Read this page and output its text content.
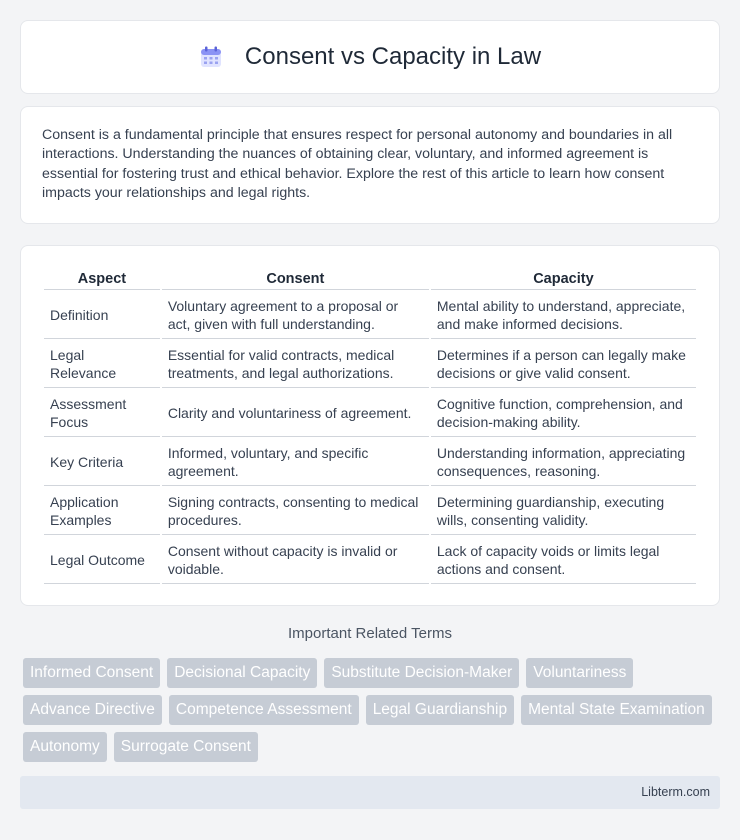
Consent vs Capacity in Law

Consent is a fundamental principle that ensures respect for personal autonomy and boundaries in all interactions. Understanding the nuances of obtaining clear, voluntary, and informed agreement is essential for fostering trust and ethical behavior. Explore the rest of this article to learn how consent impacts your relationships and legal rights.

Aspect	Consent	Capacity
Definition	Voluntary agreement to a proposal or act, given with full understanding.	Mental ability to understand, appreciate, and make informed decisions.
Legal Relevance	Essential for valid contracts, medical treatments, and legal authorizations.	Determines if a person can legally make decisions or give valid consent.
Assessment Focus	Clarity and voluntariness of agreement.	Cognitive function, comprehension, and decision-making ability.
Key Criteria	Informed, voluntary, and specific agreement.	Understanding information, appreciating consequences, reasoning.
Application Examples	Signing contracts, consenting to medical procedures.	Determining guardianship, executing wills, consenting validity.
Legal Outcome	Consent without capacity is invalid or voidable.	Lack of capacity voids or limits legal actions and consent.
Important Related Terms
Informed Consent	Decisional Capacity	Substitute Decision-Maker	Voluntariness
Advance Directive	Competence Assessment	Legal Guardianship	Mental State Examination
Autonomy	Surrogate Consent
Libterm.com
